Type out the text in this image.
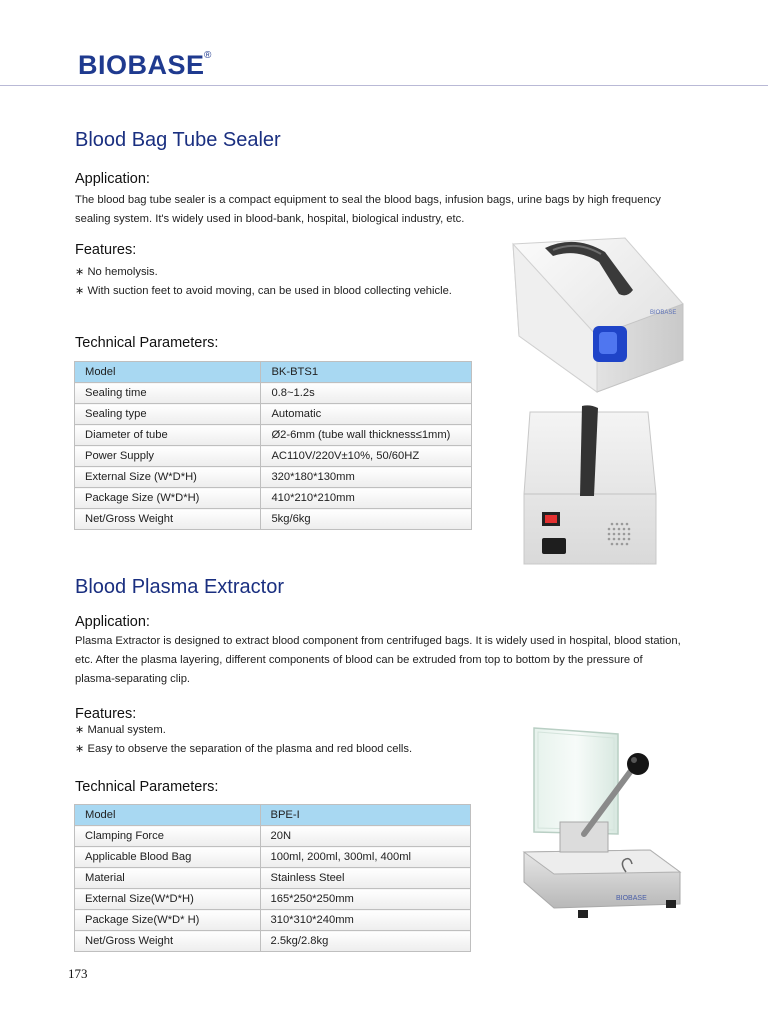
BIOBASE ®
Blood Bag Tube Sealer
Application:
The blood bag tube sealer is a compact equipment to seal the blood bags, infusion bags, urine bags by high frequency
sealing system. It's widely used in blood-bank, hospital, biological industry, etc.
Features:
∗ No hemolysis.
∗ With suction feet to avoid moving, can be used in blood collecting vehicle.
Technical Parameters:
Model	BK-BTS1
Sealing time	0.8~1.2s
Sealing type	Automatic
Diameter of tube	Ø2-6mm (tube wall thickness≤1mm)
Power Supply	AC110V/220V±10%, 50/60HZ
External Size (W*D*H)	320*180*130mm
Package Size (W*D*H)	410*210*210mm
Net/Gross Weight	5kg/6kg
BIOBASE
Blood Plasma Extractor
Application:
Plasma Extractor is designed to extract blood component from centrifuged bags. It is widely used in hospital, blood station,
etc. After the plasma layering, different components of blood can be extruded from top to bottom by the pressure of
plasma-separating clip.
Features:
∗ Manual system.
∗ Easy to observe the separation of the plasma and red blood cells.
Technical Parameters:
Model	BPE-I
Clamping Force	20N
Applicable Blood Bag	100ml, 200ml, 300ml, 400ml
Material	Stainless Steel
External Size(W*D*H)	165*250*250mm
Package Size(W*D* H)	310*310*240mm
Net/Gross Weight	2.5kg/2.8kg
BIOBASE
173
